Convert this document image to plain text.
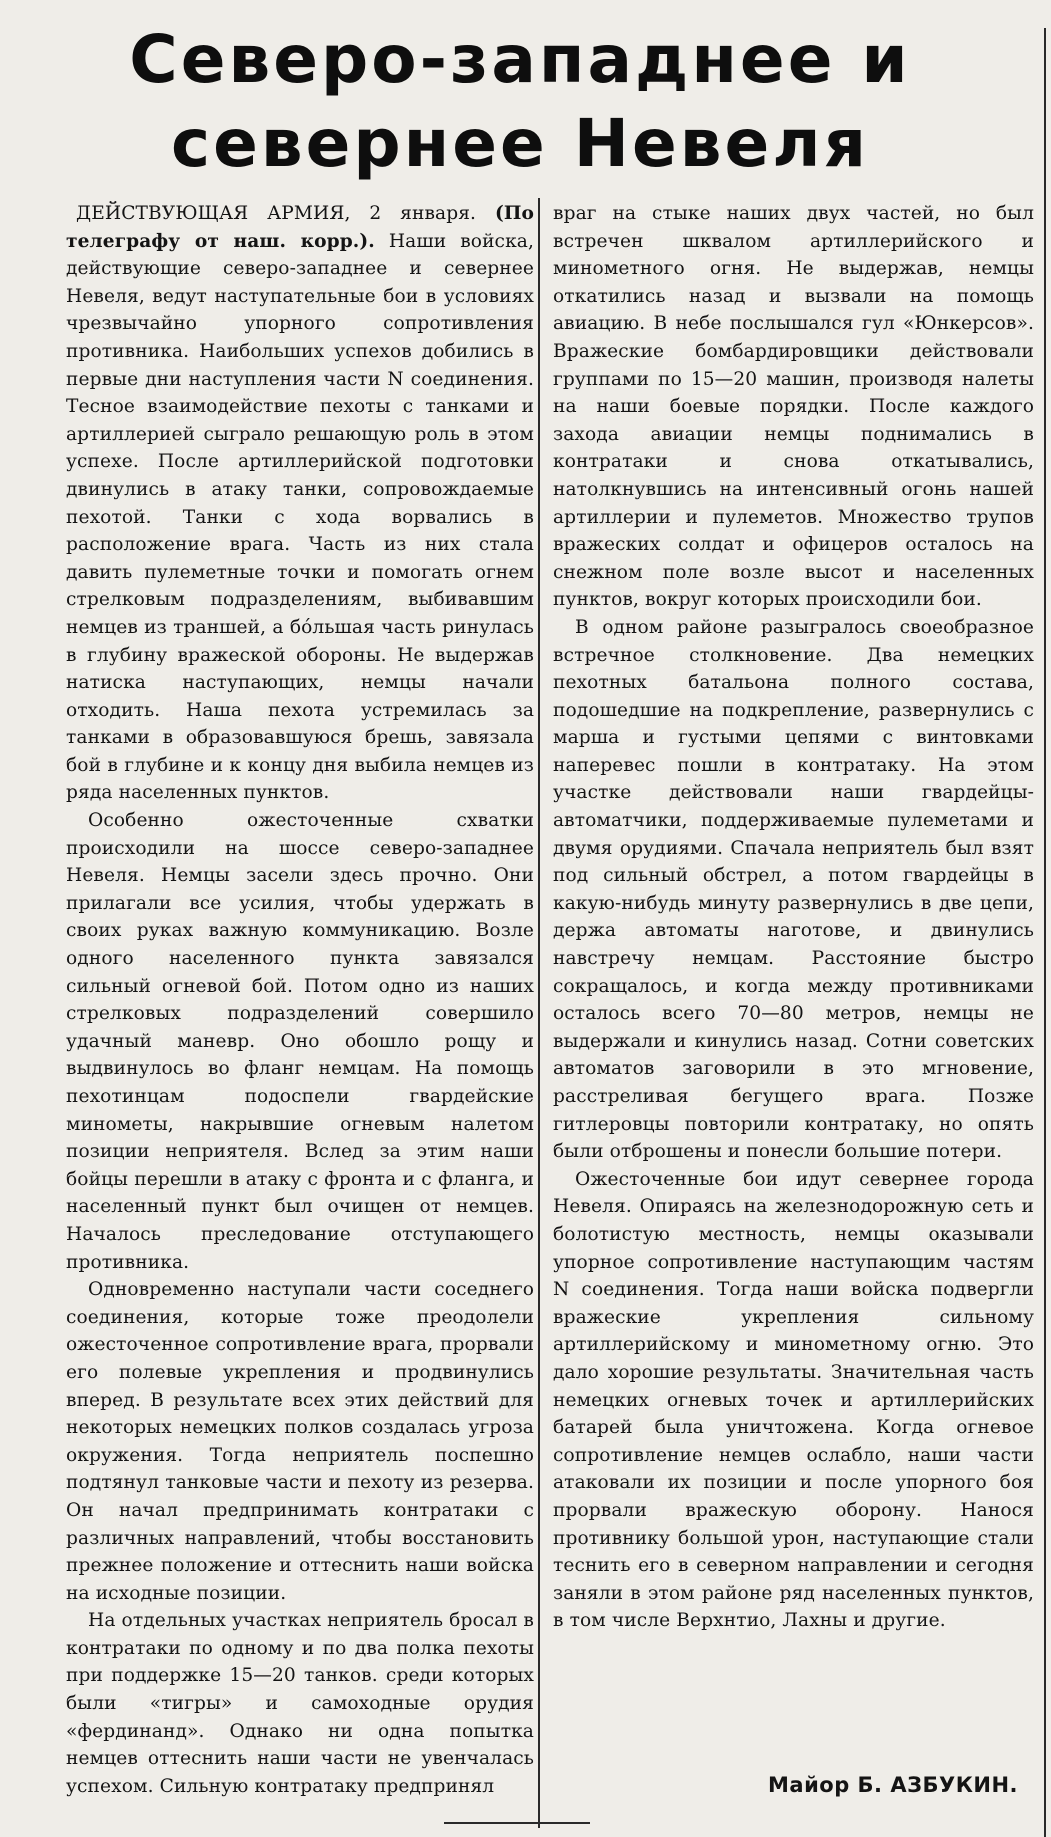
Северо-западнее и
севернее Невеля

ДЕЙСТВУЮЩАЯ АРМИЯ, 2 января. (По телеграфу от наш. корр.). Наши войска, действующие северо-западнее и севернее Невеля, ведут наступательные бои в условиях чрезвычайно упорного сопротивления противника. Наибольших успехов добились в первые дни наступления части N соединения. Тесное взаимодействие пехоты с танками и артиллерией сыграло решающую роль в этом успехе. После артиллерийской подготовки двинулись в атаку танки, сопровождаемые пехотой. Танки с хода ворвались в расположение врага. Часть из них стала давить пулеметные точки и помогать огнем стрелковым подразделениям, выбивавшим немцев из траншей, а бо́льшая часть ринулась в глубину вражеской обороны. Не выдержав натиска наступающих, немцы начали отходить. Наша пехота устремилась за танками в образовавшуюся брешь, завязала бой в глубине и к концу дня выбила немцев из ряда населенных пунктов.

Особенно ожесточенные схватки происходили на шоссе северо-западнее Невеля. Немцы засели здесь прочно. Они прилагали все усилия, чтобы удержать в своих руках важную коммуникацию. Возле одного населенного пункта завязался сильный огневой бой. Потом одно из наших стрелковых подразделений совершило удачный маневр. Оно обошло рощу и выдвинулось во фланг немцам. На помощь пехотинцам подоспели гвардейские минометы, накрывшие огневым налетом позиции неприятеля. Вслед за этим наши бойцы перешли в атаку с фронта и с фланга, и населенный пункт был очищен от немцев. Началось преследование отступающего противника.

Одновременно наступали части соседнего соединения, которые тоже преодолели ожесточенное сопротивление врага, прорвали его полевые укрепления и продвинулись вперед. В результате всех этих действий для некоторых немецких полков создалась угроза окружения. Тогда неприятель поспешно подтянул танковые части и пехоту из резерва. Он начал предпринимать контратаки с различных направлений, чтобы восстановить прежнее положение и оттеснить наши войска на исходные позиции.

На отдельных участках неприятель бросал в контратаки по одному и по два полка пехоты при поддержке 15—20 танков. среди которых были «тигры» и самоходные орудия «фердинанд». Однако ни одна попытка немцев оттеснить наши части не увенчалась успехом. Сильную контратаку предпринял

враг на стыке наших двух частей, но был встречен шквалом артиллерийского и минометного огня. Не выдержав, немцы откатились назад и вызвали на помощь авиацию. В небе послышался гул «Юнкерсов». Вражеские бомбардировщики действовали группами по 15—20 машин, производя налеты на наши боевые порядки. После каждого захода авиации немцы поднимались в контратаки и снова откатывались, натолкнувшись на интенсивный огонь нашей артиллерии и пулеметов. Множество трупов вражеских солдат и офицеров осталось на снежном поле возле высот и населенных пунктов, вокруг которых происходили бои.

В одном районе разыгралось своеобразное встречное столкновение. Два немецких пехотных батальона полного состава, подошедшие на подкрепление, развернулись с марша и густыми цепями с винтовками наперевес пошли в контратаку. На этом участке действовали наши гвардейцы-автоматчики, поддерживаемые пулеметами и двумя орудиями. Спачала неприятель был взят под сильный обстрел, а потом гвардейцы в какую-нибудь минуту развернулись в две цепи, держа автоматы наготове, и двинулись навстречу немцам. Расстояние быстро сокращалось, и когда между противниками осталось всего 70—80 метров, немцы не выдержали и кинулись назад. Сотни советских автоматов заговорили в это мгновение, расстреливая бегущего врага. Позже гитлеровцы повторили контратаку, но опять были отброшены и понесли большие потери.

Ожесточенные бои идут севернее города Невеля. Опираясь на железнодорожную сеть и болотистую местность, немцы оказывали упорное сопротивление наступающим частям N соединения. Тогда наши войска подвергли вражеские укрепления сильному артиллерийскому и минометному огню. Это дало хорошие результаты. Значительная часть немецких огневых точек и артиллерийских батарей была уничтожена. Когда огневое сопротивление немцев ослабло, наши части атаковали их позиции и после упорного боя прорвали вражескую оборону. Нанося противнику большой урон, наступающие стали теснить его в северном направлении и сегодня заняли в этом районе ряд населенных пунктов, в том числе Верхнтио, Лахны и другие.

Майор Б. АЗБУКИН.
